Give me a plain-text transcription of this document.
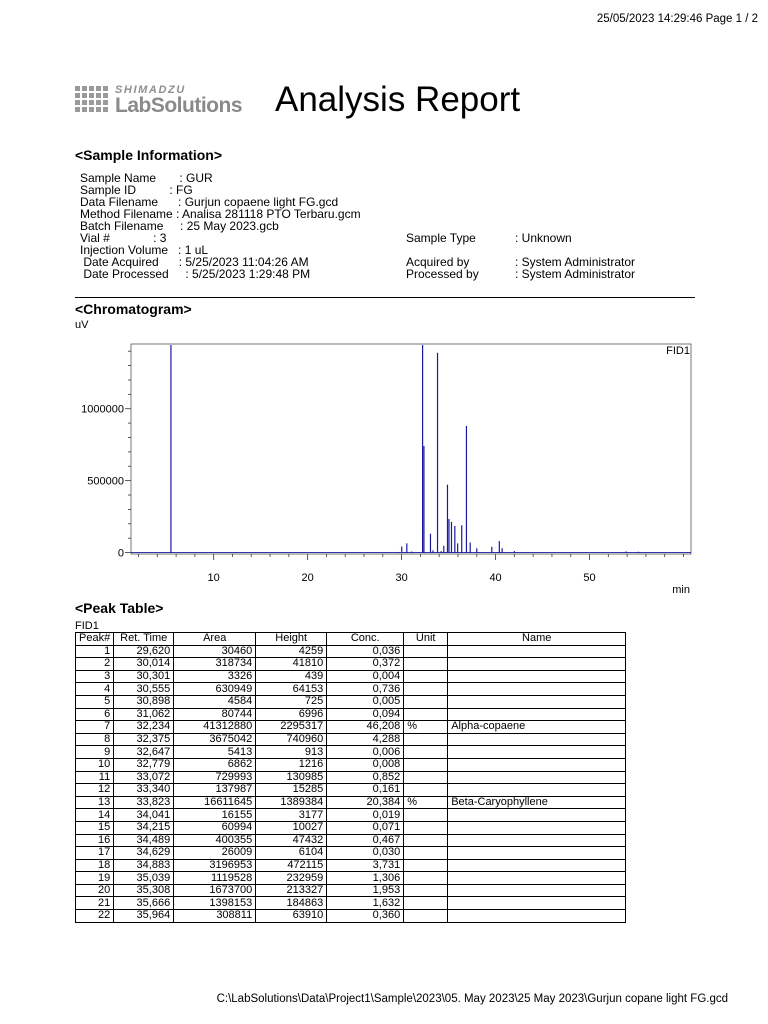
25/05/2023 14:29:46 Page 1 / 2
SHIMADZU
LabSolutions Analysis Report
<Sample Information>
Sample Name       : GUR
Sample ID          : FG
Data Filename      : Gurjun copaene light FG.gcd
Method Filename : Analisa 281118 PTO Terbaru.gcm
Batch Filename     : 25 May 2023.gcb
Vial #             : 3
Injection Volume   : 1 uL
Date Acquired      : 5/25/2023 11:04:26 AM
Date Processed     : 5/25/2023 1:29:48 PM
Sample Type	: Unknown
Acquired by	: System Administrator
Processed by	: System Administrator
<Chromatogram>
uV
0
500000
1000000
10	20	30	40	50
min
FID1
<Peak Table>
FID1
Peak#	Ret. Time	Area	Height	Conc.	Unit	Name
1	29,620	30460	4259	0,036		
2	30,014	318734	41810	0,372		
3	30,301	3326	439	0,004		
4	30,555	630949	64153	0,736		
5	30,898	4584	725	0,005		
6	31,062	80744	6996	0,094		
7	32,234	41312880	2295317	46,208	%	Alpha-copaene
8	32,375	3675042	740960	4,288		
9	32,647	5413	913	0,006		
10	32,779	6862	1216	0,008		
11	33,072	729993	130985	0,852		
12	33,340	137987	15285	0,161		
13	33,823	16611645	1389384	20,384	%	Beta-Caryophyllene
14	34,041	16155	3177	0,019		
15	34,215	60994	10027	0,071		
16	34,489	400355	47432	0,467		
17	34,629	26009	6104	0,030		
18	34,883	3196953	472115	3,731		
19	35,039	1119528	232959	1,306		
20	35,308	1673700	213327	1,953		
21	35,666	1398153	184863	1,632		
22	35,964	308811	63910	0,360		
C:\LabSolutions\Data\Project1\Sample\2023\05. May 2023\25 May 2023\Gurjun copane light FG.gcd
